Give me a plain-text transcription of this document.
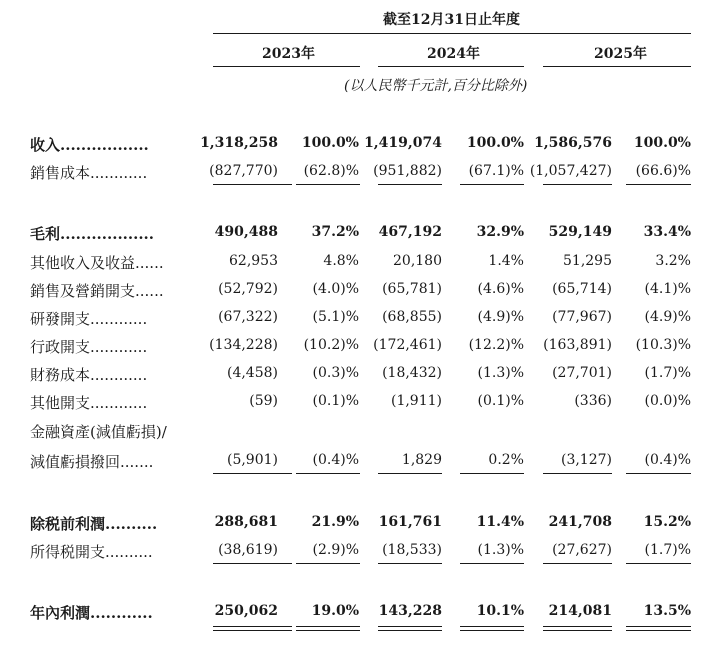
截至12月31日止年度
2023年	2024年	2025年
(以人民幣千元計,百分比除外)
收入.................	1,318,258 100.0% 1,419,074 100.0% 1,586,576 100.0%
銷售成本............	(827,770) (62.8)% (951,882) (67.1)% (1,057,427) (66.6)%
毛利..................	490,488 37.2% 467,192 32.9% 529,149 33.4%
其他收入及收益......	62,953	4.8% 20,180	1.4%	51,295	3.2%
銷售及營銷開支......	(52,792) (4.0)% (65,781)	(4.6)% (65,714) (4.1)%
研發開支............	(67,322) (5.1)% (68,855)	(4.9)% (77,967) (4.9)%
行政開支............	(134,228) (10.2)% (172,461) (12.2)% (163,891) (10.3)%
財務成本............	(4,458) (0.3)% (18,432)	(1.3)% (27,701) (1.7)%
其他開支............	(59) (0.1)% (1,911)	(0.1)%	(336) (0.0)%
金融資產(減值虧損)/
減值虧損撥回.......	(5,901) (0.4)%	1,829	0.2%	(3,127) (0.4)%
除税前利潤..........	288,681 21.9% 161,761 11.4% 241,708 15.2%
所得税開支..........	(38,619) (2.9)% (18,533)	(1.3)% (27,627) (1.7)%
年內利潤............	250,062 19.0% 143,228 10.1% 214,081 13.5%
